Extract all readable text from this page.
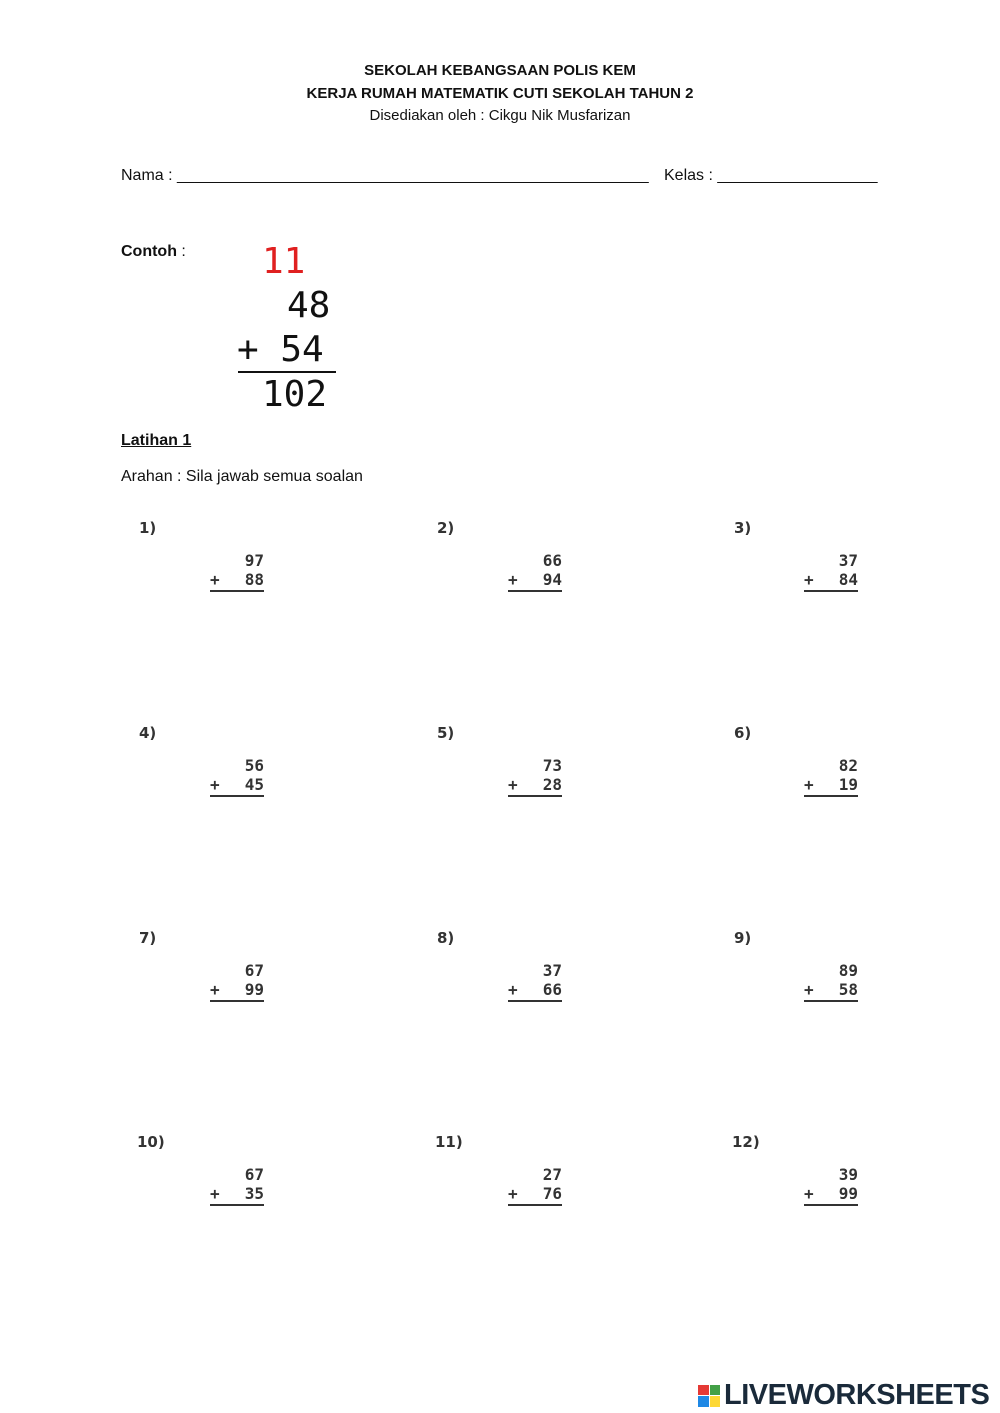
SEKOLAH KEBANGSAAN POLIS KEM
KERJA RUMAH MATEMATIK CUTI SEKOLAH TAHUN 2
Disediakan oleh : Cikgu Nik Musfarizan
Nama : _____________________________________________________ Kelas : __________________
Contoh : 11
48
+ 54
102
Latihan 1
Arahan : Sila jawab semua soalan
1)
97
+ 88
2)
66
+ 94
3)
37
+ 84
4)
56
+ 45
5)
73
+ 28
6)
82
+ 19
7)
67
+ 99
8)
37
+ 66
9)
89
+ 58
10)
67
+ 35
11)
27
+ 76
12)
39
+ 99
LIVEWORKSHEETS
